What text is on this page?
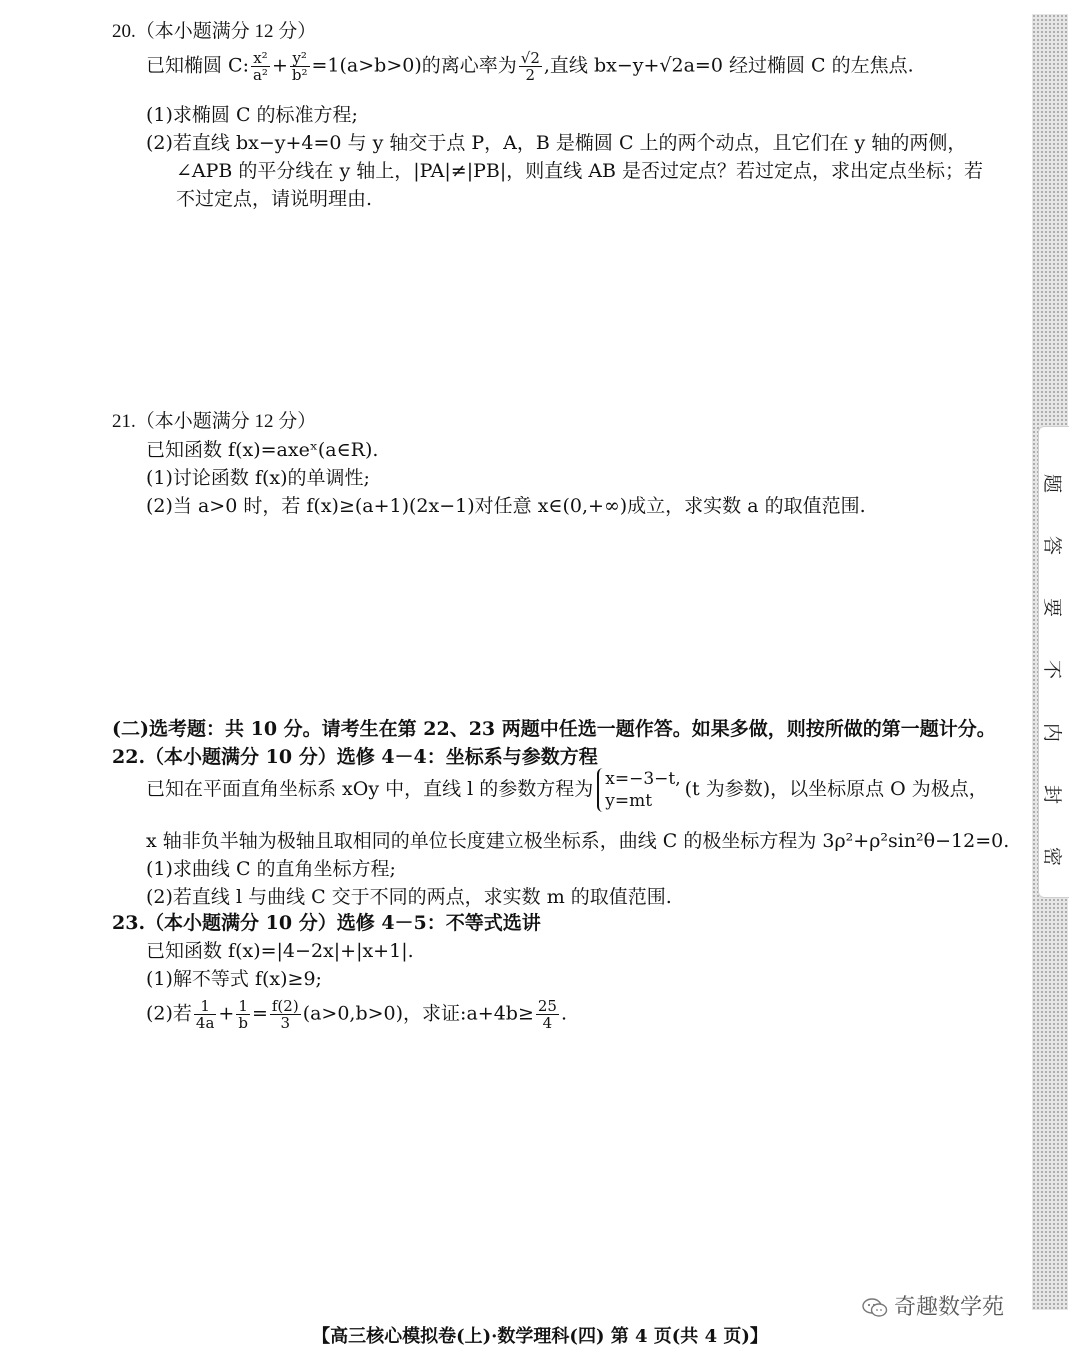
20.（本小题满分 12 分）
已知椭圆 C: $\frac{\text{x²}}{\text{a²}} + \frac{\text{y²}}{\text{b²}} =1(a>b>0)$的离心率为 $\frac{√2}{2}$ ,直线 bx−y+√2a=0 经过椭圆 C 的左焦点.
(1)求椭圆 C 的标准方程;
(2)若直线 bx−y+4=0 与 y 轴交于点 P，A，B 是椭圆 C 上的两个动点，且它们在 y 轴的两侧，
∠APB 的平分线在 y 轴上，|PA|≠|PB|，则直线 AB 是否过定点？若过定点，求出定点坐标；若
不过定点，请说明理由.
21.（本小题满分 12 分）
已知函数 f(x)=axeˣ(a∈R).
(1)讨论函数 f(x)的单调性;
(2)当 a>0 时，若 f(x)≥(a+1)(2x−1)对任意 x∈(0,+∞)成立，求实数 a 的取值范围.
(二)选考题：共 10 分。请考生在第 22、23 两题中任选一题作答。如果多做，则按所做的第一题计分。
22.（本小题满分 10 分）选修 4－4：坐标系与参数方程
已知在平面直角坐标系 xOy 中，直线 l 的参数方程为 x=−3−t,
y=mt
(t 为参数)，以坐标原点 O 为极点，
x 轴非负半轴为极轴且取相同的单位长度建立极坐标系，曲线 C 的极坐标方程为 3ρ²+ρ²sin²θ−12=0.
(1)求曲线 C 的直角坐标方程;
(2)若直线 l 与曲线 C 交于不同的两点，求实数 m 的取值范围.
23.（本小题满分 10 分）选修 4－5：不等式选讲
已知函数 f(x)=|4−2x|+|x+1|.
(1)解不等式 f(x)≥9;
(2)若 $\frac{1}{4a} + \frac{1}{b} = \frac{f(2)}{3} (a>0,b>0)$，求证:a+4b≥ $\frac{25}{4}$ .
题
答
要
不
内
封
密
奇趣数学苑
【高三核心模拟卷(上)·数学理科(四) 第 4 页(共 4 页)】
